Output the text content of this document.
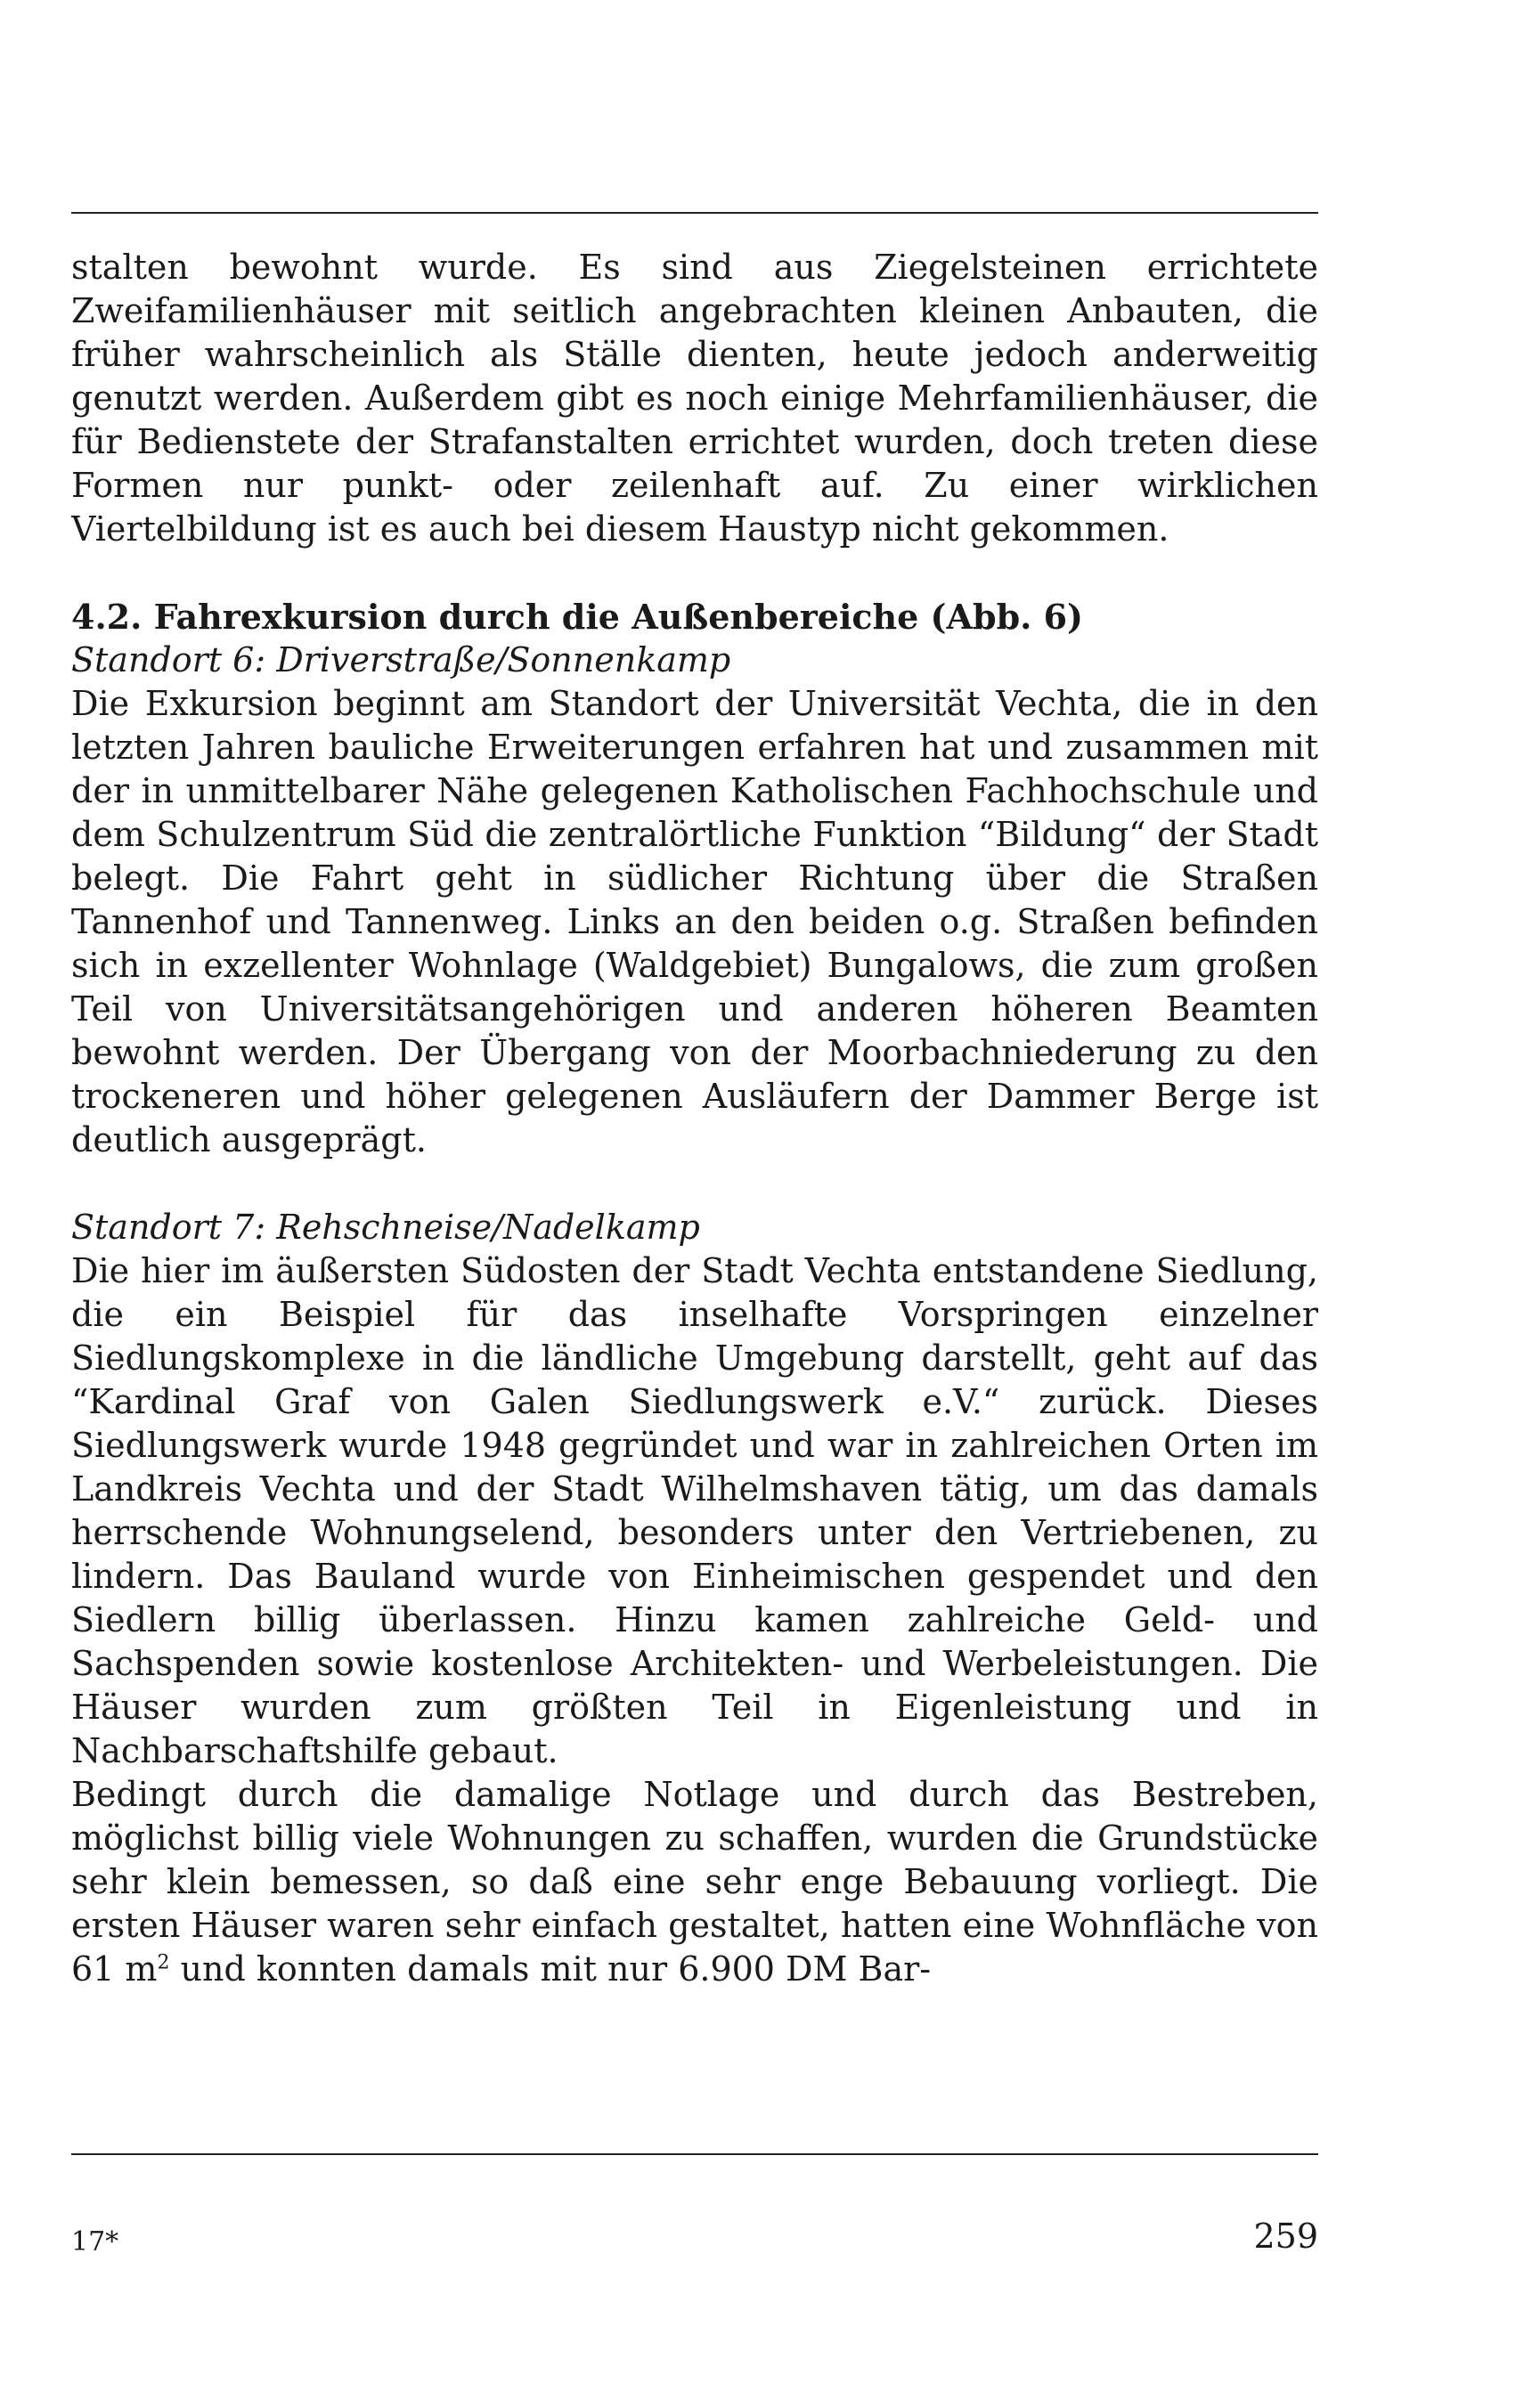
stalten bewohnt wurde. Es sind aus Ziegelsteinen errichtete Zweifamilienhäuser mit seitlich angebrachten kleinen Anbauten, die früher wahrscheinlich als Ställe dienten, heute jedoch anderweitig genutzt werden. Außerdem gibt es noch einige Mehrfamilienhäuser, die für Bedienstete der Strafanstalten errichtet wurden, doch treten diese Formen nur punkt- oder zeilenhaft auf. Zu einer wirklichen Viertelbildung ist es auch bei diesem Haustyp nicht gekommen.

4.2. Fahrexkursion durch die Außenbereiche (Abb. 6)
Standort 6: Driverstraße/Sonnenkamp

Die Exkursion beginnt am Standort der Universität Vechta, die in den letzten Jahren bauliche Erweiterungen erfahren hat und zusammen mit der in unmittelbarer Nähe gelegenen Katholischen Fachhochschule und dem Schulzentrum Süd die zentralörtliche Funktion “Bildung“ der Stadt belegt. Die Fahrt geht in südlicher Richtung über die Straßen Tannenhof und Tannenweg. Links an den beiden o.g. Straßen befinden sich in exzellenter Wohnlage (Waldgebiet) Bungalows, die zum großen Teil von Universitätsangehörigen und anderen höheren Beamten bewohnt werden. Der Übergang von der Moorbachniederung zu den trockeneren und höher gelegenen Ausläufern der Dammer Berge ist deutlich ausgeprägt.

Standort 7: Rehschneise/Nadelkamp

Die hier im äußersten Südosten der Stadt Vechta entstandene Siedlung, die ein Beispiel für das inselhafte Vorspringen einzelner Siedlungskomplexe in die ländliche Umgebung darstellt, geht auf das “Kardinal Graf von Galen Siedlungswerk e.V.“ zurück. Dieses Siedlungswerk wurde 1948 gegründet und war in zahlreichen Orten im Landkreis Vechta und der Stadt Wilhelmshaven tätig, um das damals herrschende Wohnungselend, besonders unter den Vertriebenen, zu lindern. Das Bauland wurde von Einheimischen gespendet und den Siedlern billig überlassen. Hinzu kamen zahlreiche Geld- und Sachspenden sowie kostenlose Architekten- und Werbeleistungen. Die Häuser wurden zum größten Teil in Eigenleistung und in Nachbarschaftshilfe gebaut.

Bedingt durch die damalige Notlage und durch das Bestreben, möglichst billig viele Wohnungen zu schaffen, wurden die Grundstücke sehr klein bemessen, so daß eine sehr enge Bebauung vorliegt. Die ersten Häuser waren sehr einfach gestaltet, hatten eine Wohnfläche von 61 $m^2$ und konnten damals mit nur 6.900 DM Bar-

17*	259
